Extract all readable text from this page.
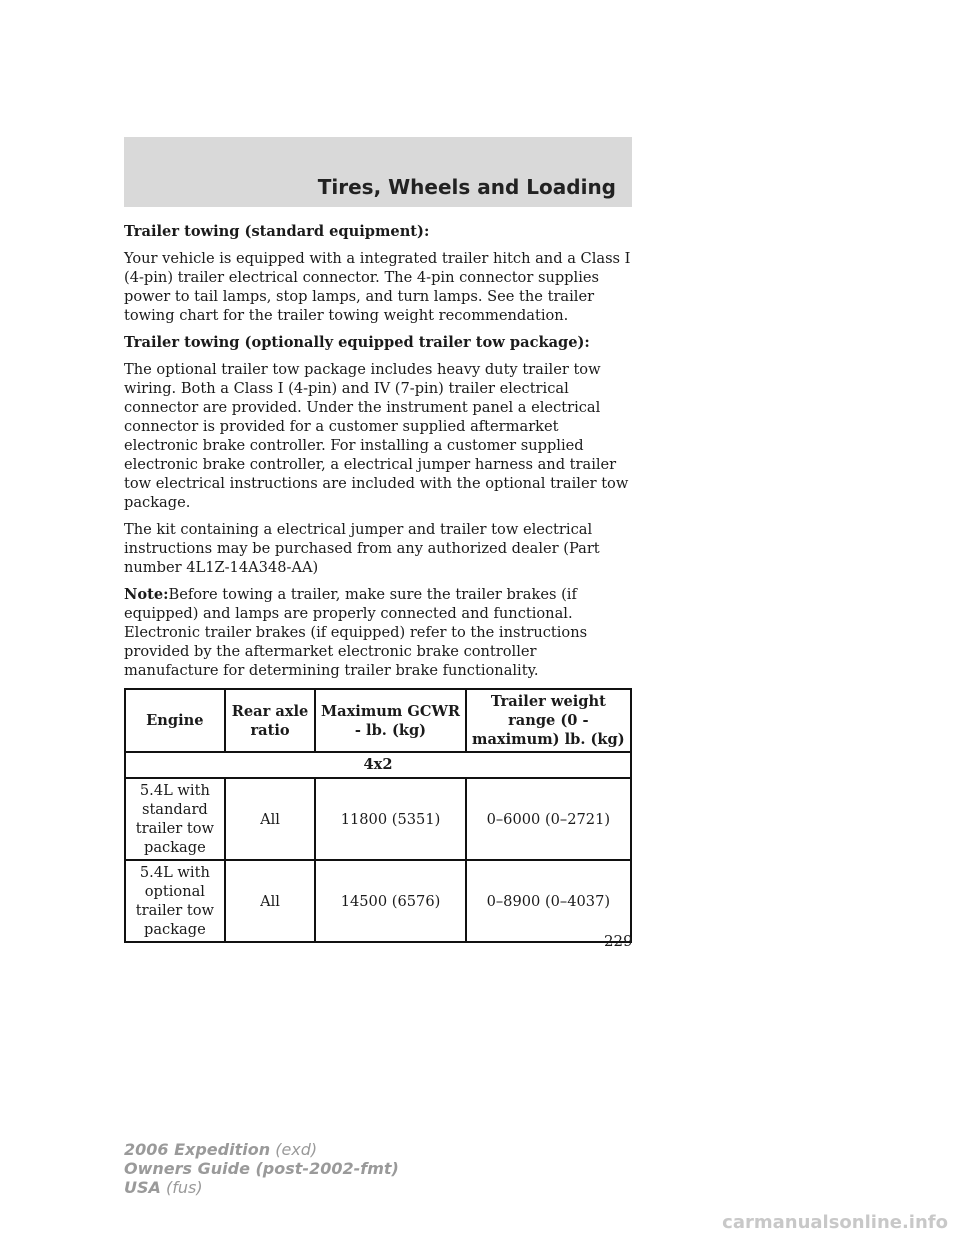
Tires, Wheels and Loading

Trailer towing (standard equipment):

Your vehicle is equipped with a integrated trailer hitch and a Class I (4-pin) trailer electrical connector. The 4-pin connector supplies power to tail lamps, stop lamps, and turn lamps. See the trailer towing chart for the trailer towing weight recommendation.

Trailer towing (optionally equipped trailer tow package):

The optional trailer tow package includes heavy duty trailer tow wiring. Both a Class I (4-pin) and IV (7-pin) trailer electrical connector are provided. Under the instrument panel a electrical connector is provided for a customer supplied aftermarket electronic brake controller. For installing a customer supplied electronic brake controller, a electrical jumper harness and trailer tow electrical instructions are included with the optional trailer tow package.

The kit containing a electrical jumper and trailer tow electrical instructions may be purchased from any authorized dealer (Part number 4L1Z-14A348-AA)

Note:Before towing a trailer, make sure the trailer brakes (if equipped) and lamps are properly connected and functional. Electronic trailer brakes (if equipped) refer to the instructions provided by the aftermarket electronic brake controller manufacture for determining trailer brake functionality.

Engine	Rear axle ratio	Maximum GCWR - lb. (kg)	Trailer weight range (0 - maximum) lb. (kg)
4x2			
5.4L with standard trailer tow package	All	11800 (5351)	0–6000 (0–2721)
5.4L with optional trailer tow package	All	14500 (6576)	0–8900 (0–4037)
229
2006 Expedition (exd)
Owners Guide (post-2002-fmt)
USA (fus)
carmanualsonline.info
